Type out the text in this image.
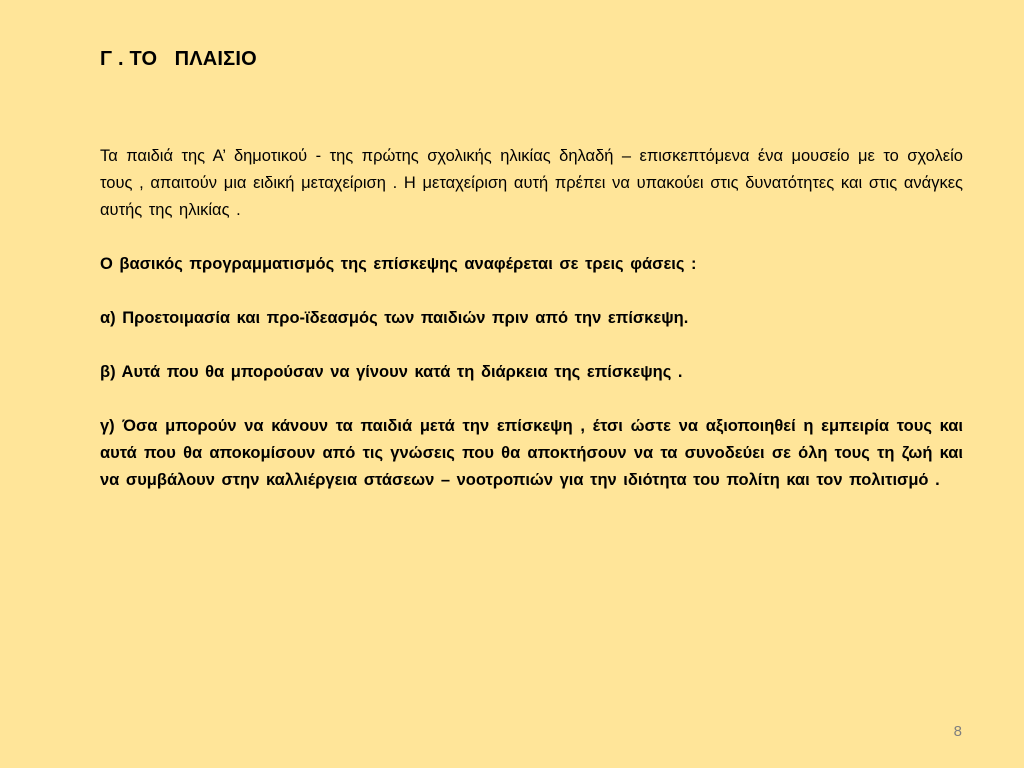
Γ . ΤΟ   ΠΛΑΙΣΙΟ

Τα παιδιά της Α’ δημοτικού - της πρώτης σχολικής ηλικίας δηλαδή – επισκεπτόμενα ένα μουσείο με το σχολείο τους , απαιτούν μια ειδική μεταχείριση . Η μεταχείριση αυτή πρέπει να υπακούει στις δυνατότητες και στις ανάγκες αυτής της ηλικίας .

Ο βασικός προγραμματισμός της επίσκεψης αναφέρεται σε τρεις φάσεις :

α) Προετοιμασία και προ-ϊδεασμός των παιδιών πριν από την επίσκεψη.

β) Αυτά που θα μπορούσαν να γίνουν κατά τη διάρκεια της επίσκεψης .

γ) Όσα μπορούν να κάνουν τα παιδιά μετά την επίσκεψη , έτσι ώστε να αξιοποιηθεί η εμπειρία τους και αυτά που θα αποκομίσουν από τις γνώσεις που θα αποκτήσουν να τα συνοδεύει σε όλη τους τη ζωή και να συμβάλουν στην καλλιέργεια στάσεων – νοοτροπιών για την ιδιότητα του πολίτη και τον πολιτισμό .

8
